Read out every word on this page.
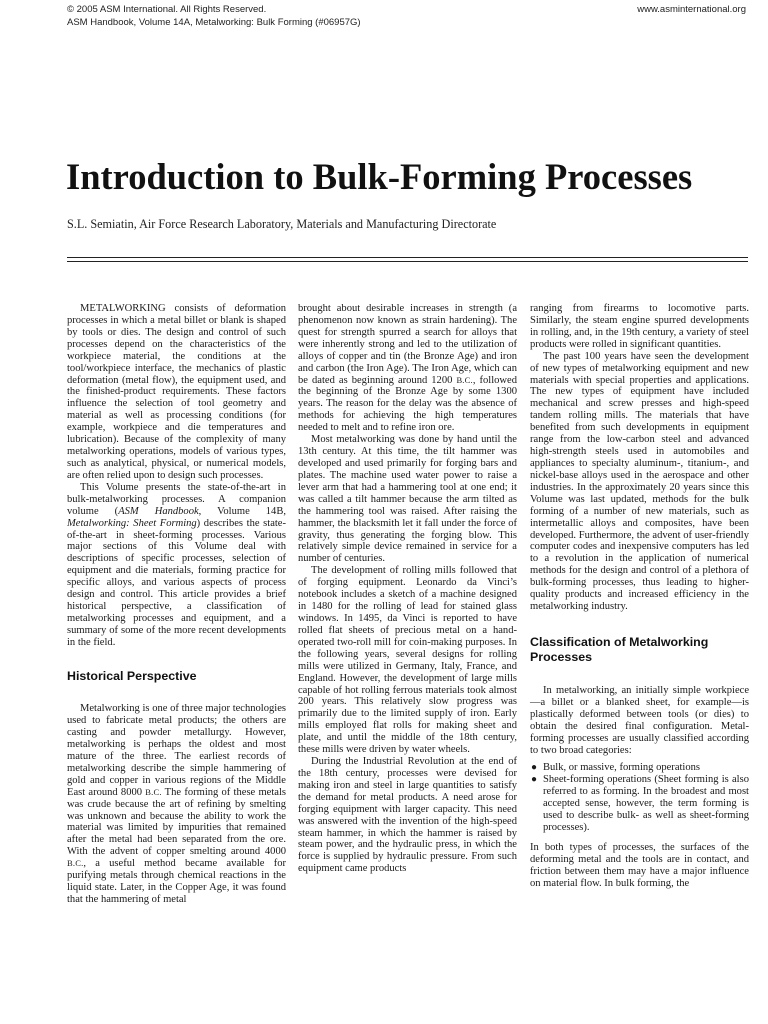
© 2005 ASM International. All Rights Reserved.
ASM Handbook, Volume 14A, Metalworking: Bulk Forming (#06957G)
www.asminternational.org
Introduction to Bulk-Forming Processes
S.L. Semiatin, Air Force Research Laboratory, Materials and Manufacturing Directorate

METALWORKING consists of deformation processes in which a metal billet or blank is shaped by tools or dies. The design and control of such processes depend on the characteristics of the workpiece material, the conditions at the tool/workpiece interface, the mechanics of plastic deformation (metal flow), the equipment used, and the finished-product requirements. These factors influence the selection of tool geometry and material as well as processing conditions (for example, workpiece and die temperatures and lubrication). Because of the complexity of many metalworking operations, models of various types, such as analytical, physical, or numerical models, are often relied upon to design such processes.

This Volume presents the state-of-the-art in bulk-metalworking processes. A companion volume (ASM Handbook, Volume 14B, Metalworking: Sheet Forming) describes the state-of-the-art in sheet-forming processes. Various major sections of this Volume deal with descriptions of specific processes, selection of equipment and die materials, forming practice for specific alloys, and various aspects of process design and control. This article provides a brief historical perspective, a classification of metalworking processes and equipment, and a summary of some of the more recent developments in the field.

Historical Perspective

Metalworking is one of three major technologies used to fabricate metal products; the others are casting and powder metallurgy. However, metalworking is perhaps the oldest and most mature of the three. The earliest records of metalworking describe the simple hammering of gold and copper in various regions of the Middle East around 8000 B.C. The forming of these metals was crude because the art of refining by smelting was unknown and because the ability to work the material was limited by impurities that remained after the metal had been separated from the ore. With the advent of copper smelting around 4000 B.C., a useful method became available for purifying metals through chemical reactions in the liquid state. Later, in the Copper Age, it was found that the hammering of metal

brought about desirable increases in strength (a phenomenon now known as strain hardening). The quest for strength spurred a search for alloys that were inherently strong and led to the utilization of alloys of copper and tin (the Bronze Age) and iron and carbon (the Iron Age). The Iron Age, which can be dated as beginning around 1200 B.C., followed the beginning of the Bronze Age by some 1300 years. The reason for the delay was the absence of methods for achieving the high temperatures needed to melt and to refine iron ore.

Most metalworking was done by hand until the 13th century. At this time, the tilt hammer was developed and used primarily for forging bars and plates. The machine used water power to raise a lever arm that had a hammering tool at one end; it was called a tilt hammer because the arm tilted as the hammering tool was raised. After raising the hammer, the blacksmith let it fall under the force of gravity, thus generating the forging blow. This relatively simple device remained in service for a number of centuries.

The development of rolling mills followed that of forging equipment. Leonardo da Vinci’s notebook includes a sketch of a machine designed in 1480 for the rolling of lead for stained glass windows. In 1495, da Vinci is reported to have rolled flat sheets of precious metal on a hand-operated two-roll mill for coin-making purposes. In the following years, several designs for rolling mills were utilized in Germany, Italy, France, and England. However, the development of large mills capable of hot rolling ferrous materials took almost 200 years. This relatively slow progress was primarily due to the limited supply of iron. Early mills employed flat rolls for making sheet and plate, and until the middle of the 18th century, these mills were driven by water wheels.

During the Industrial Revolution at the end of the 18th century, processes were devised for making iron and steel in large quantities to satisfy the demand for metal products. A need arose for forging equipment with larger capacity. This need was answered with the invention of the high-speed steam hammer, in which the hammer is raised by steam power, and the hydraulic press, in which the force is supplied by hydraulic pressure. From such equipment came products

ranging from firearms to locomotive parts. Similarly, the steam engine spurred developments in rolling, and, in the 19th century, a variety of steel products were rolled in significant quantities.

The past 100 years have seen the development of new types of metalworking equipment and new materials with special properties and applications. The new types of equipment have included mechanical and screw presses and high-speed tandem rolling mills. The materials that have benefited from such developments in equipment range from the low-carbon steel and advanced high-strength steels used in automobiles and appliances to specialty aluminum-, titanium-, and nickel-base alloys used in the aerospace and other industries. In the approximately 20 years since this Volume was last updated, methods for the bulk forming of a number of new materials, such as intermetallic alloys and composites, have been developed. Furthermore, the advent of user-friendly computer codes and inexpensive computers has led to a revolution in the application of numerical methods for the design and control of a plethora of bulk-forming processes, thus leading to higher-quality products and increased efficiency in the metalworking industry.

Classification of Metalworking Processes

In metalworking, an initially simple workpiece—a billet or a blanked sheet, for example—is plastically deformed between tools (or dies) to obtain the desired final configuration. Metal-forming processes are usually classified according to two broad categories:

● Bulk, or massive, forming operations
● Sheet-forming operations (Sheet forming is also referred to as forming. In the broadest and most accepted sense, however, the term forming is used to describe bulk- as well as sheet-forming processes).

In both types of processes, the surfaces of the deforming metal and the tools are in contact, and friction between them may have a major influence on material flow. In bulk forming, the
